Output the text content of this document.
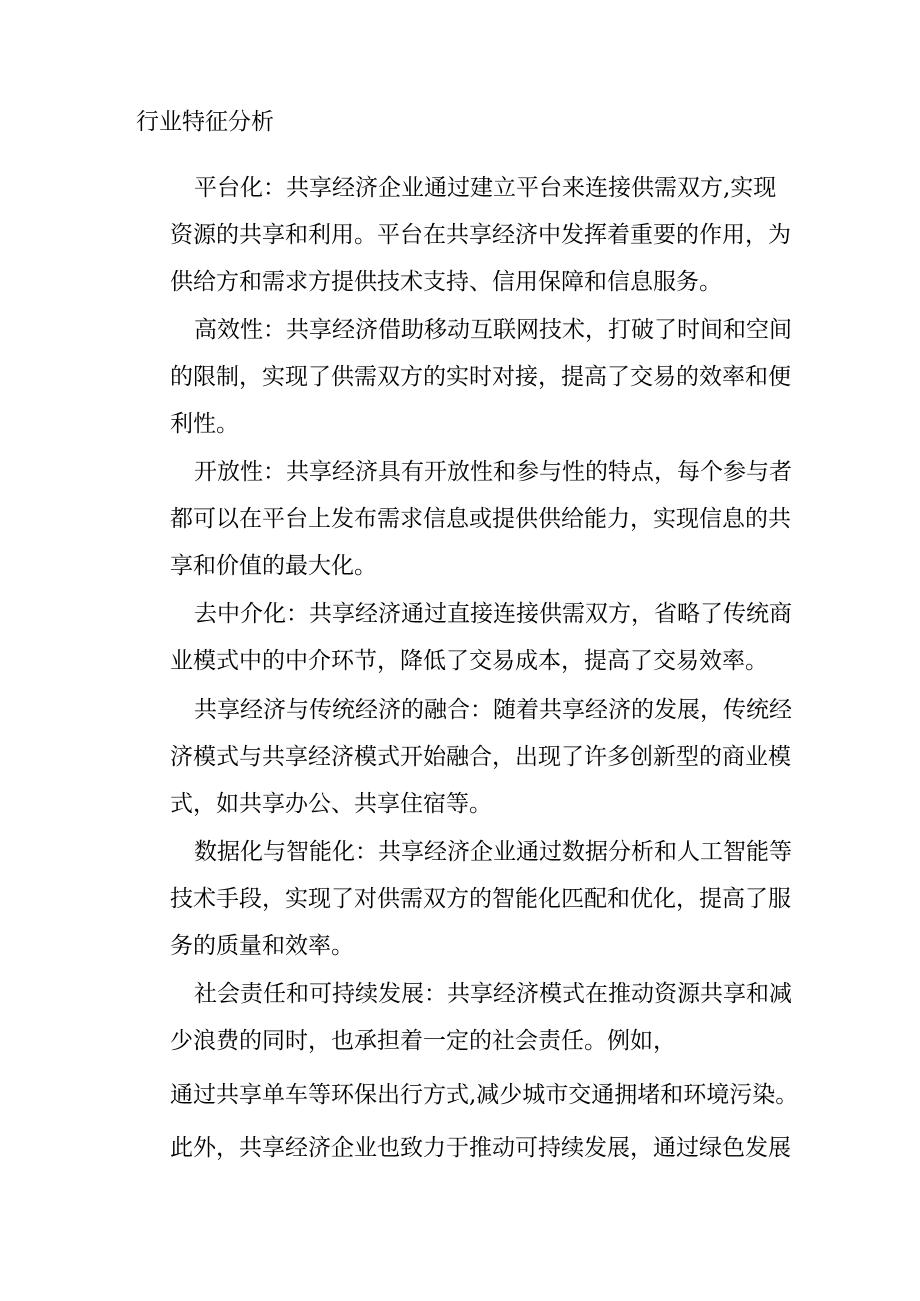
行业特征分析
平台化：共享经济企业通过建立平台来连接供需双方,实现
资源的共享和利用。平台在共享经济中发挥着重要的作用，为
供给方和需求方提供技术支持、信用保障和信息服务。
高效性：共享经济借助移动互联网技术，打破了时间和空间
的限制，实现了供需双方的实时对接，提高了交易的效率和便
利性。
开放性：共享经济具有开放性和参与性的特点，每个参与者
都可以在平台上发布需求信息或提供供给能力，实现信息的共
享和价值的最大化。
去中介化：共享经济通过直接连接供需双方，省略了传统商
业模式中的中介环节，降低了交易成本，提高了交易效率。
共享经济与传统经济的融合：随着共享经济的发展，传统经
济模式与共享经济模式开始融合，出现了许多创新型的商业模
式，如共享办公、共享住宿等。
数据化与智能化：共享经济企业通过数据分析和人工智能等
技术手段，实现了对供需双方的智能化匹配和优化，提高了服
务的质量和效率。
社会责任和可持续发展：共享经济模式在推动资源共享和减
少浪费的同时，也承担着一定的社会责任。例如，
通过共享单车等环保出行方式,减少城市交通拥堵和环境污染。
此外，共享经济企业也致力于推动可持续发展，通过绿色发展
